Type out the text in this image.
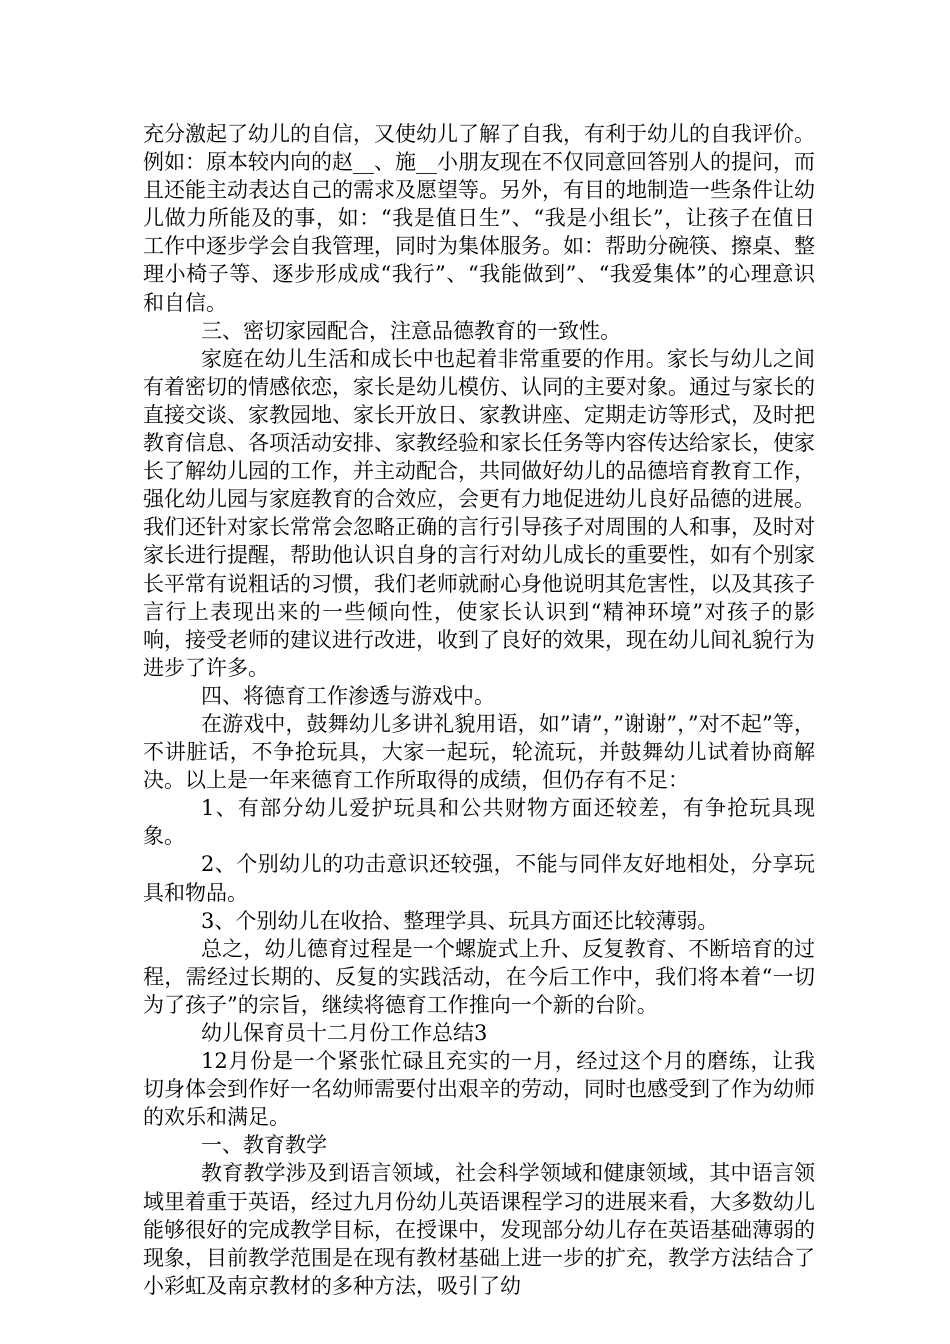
充分激起了幼儿的自信，又使幼儿了解了自我，有利于幼儿的自我评价。例如：原本较内向的赵__、施__小朋友现在不仅同意回答别人的提问，而且还能主动表达自己的需求及愿望等。另外，有目的地制造一些条件让幼儿做力所能及的事，如：“我是值日生”、“我是小组长”，让孩子在值日工作中逐步学会自我管理，同时为集体服务。如：帮助分碗筷、擦桌、整理小椅子等、逐步形成成“我行”、“我能做到”、“我爱集体”的心理意识和自信。

三、密切家园配合，注意品德教育的一致性。

家庭在幼儿生活和成长中也起着非常重要的作用。家长与幼儿之间有着密切的情感依恋，家长是幼儿模仿、认同的主要对象。通过与家长的直接交谈、家教园地、家长开放日、家教讲座、定期走访等形式，及时把教育信息、各项活动安排、家教经验和家长任务等内容传达给家长，使家长了解幼儿园的工作，并主动配合，共同做好幼儿的品德培育教育工作，强化幼儿园与家庭教育的合效应，会更有力地促进幼儿良好品德的进展。我们还针对家长常常会忽略正确的言行引导孩子对周围的人和事，及时对家长进行提醒，帮助他认识自身的言行对幼儿成长的重要性，如有个别家长平常有说粗话的习惯，我们老师就耐心身他说明其危害性，以及其孩子言行上表现出来的一些倾向性，使家长认识到“精神环境”对孩子的影响，接受老师的建议进行改进，收到了良好的效果，现在幼儿间礼貌行为进步了许多。

四、将德育工作渗透与游戏中。

在游戏中，鼓舞幼儿多讲礼貌用语，如”请”，”谢谢”，”对不起”等，不讲脏话，不争抢玩具，大家一起玩，轮流玩，并鼓舞幼儿试着协商解决。以上是一年来德育工作所取得的成绩，但仍存有不足：

1、有部分幼儿爱护玩具和公共财物方面还较差，有争抢玩具现象。

2、个别幼儿的功击意识还较强，不能与同伴友好地相处，分享玩具和物品。

3、个别幼儿在收拾、整理学具、玩具方面还比较薄弱。

总之，幼儿德育过程是一个螺旋式上升、反复教育、不断培育的过程，需经过长期的、反复的实践活动，在今后工作中，我们将本着“一切为了孩子”的宗旨，继续将德育工作推向一个新的台阶。

幼儿保育员十二月份工作总结3

12月份是一个紧张忙碌且充实的一月，经过这个月的磨练，让我切身体会到作好一名幼师需要付出艰辛的劳动，同时也感受到了作为幼师的欢乐和满足。

一、教育教学

教育教学涉及到语言领域，社会科学领域和健康领域，其中语言领域里着重于英语，经过九月份幼儿英语课程学习的进展来看，大多数幼儿能够很好的完成教学目标，在授课中，发现部分幼儿存在英语基础薄弱的现象，目前教学范围是在现有教材基础上进一步的扩充，教学方法结合了小彩虹及南京教材的多种方法，吸引了幼
